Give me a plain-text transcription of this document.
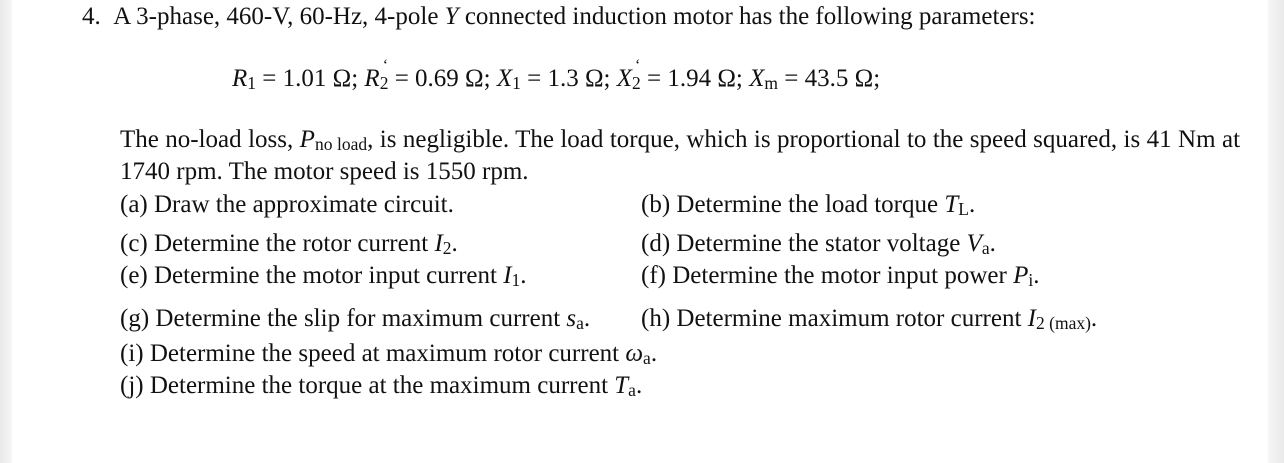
4. A 3-phase, 460-V, 60-Hz, 4-pole Y connected induction motor has the following parameters:
$R_1 = 1.01$ Ω; $R_2$
‘ = 0.69 Ω; $X_1 = 1.3$ Ω; $X_2$
‘ = 1.94 Ω; $X_m = 43.5$ Ω;
The no-load loss, $P_{no load}$, is negligible. The load torque, which is proportional to the speed squared, is 41 Nm at 1740 rpm. The motor speed is 1550 rpm.
(a) Draw the approximate circuit.
(c) Determine the rotor current $I_2$.
(e) Determine the motor input current $I_1$.
(g) Determine the slip for maximum current $s_a$.
(i) Determine the speed at maximum rotor current $\omega_a$.
(j) Determine the torque at the maximum current $T_a$.
(b) Determine the load torque $T_L$.
(d) Determine the stator voltage $V_a$.
(f) Determine the motor input power $P_i$.
(h) Determine maximum rotor current $I_{2 (max)}$.
